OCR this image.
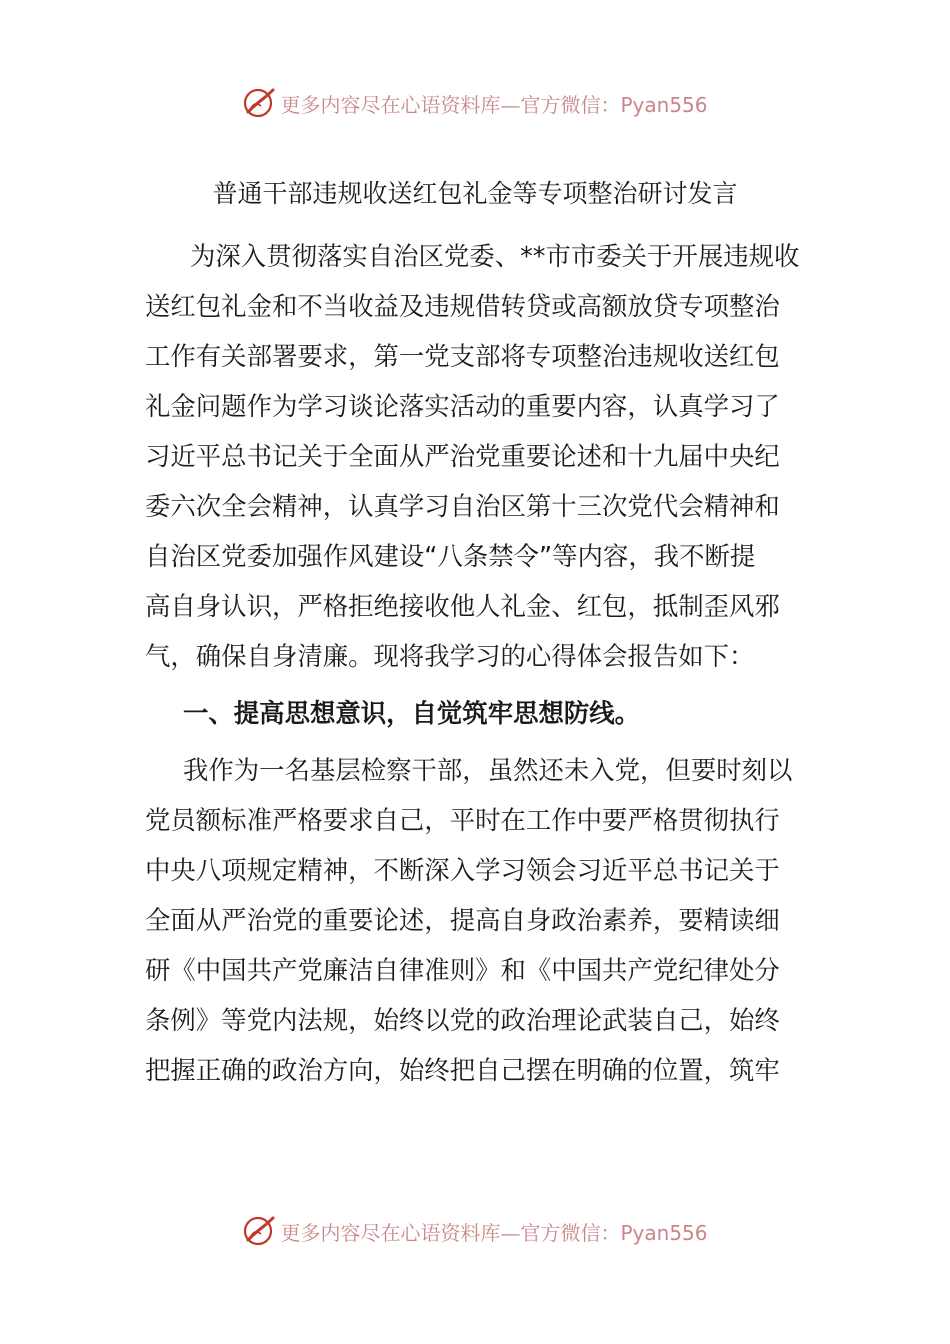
更多内容尽在心语资料库—官方微信：Pyan556
普通干部违规收送红包礼金等专项整治研讨发言
为深入贯彻落实自治区党委、**市市委关于开展违规收
送红包礼金和不当收益及违规借转贷或高额放贷专项整治
工作有关部署要求，第一党支部将专项整治违规收送红包
礼金问题作为学习谈论落实活动的重要内容，认真学习了
习近平总书记关于全面从严治党重要论述和十九届中央纪
委六次全会精神，认真学习自治区第十三次党代会精神和
自治区党委加强作风建设“八条禁令”等内容，我不断提
高自身认识，严格拒绝接收他人礼金、红包，抵制歪风邪
气，确保自身清廉。现将我学习的心得体会报告如下：
一、提高思想意识，自觉筑牢思想防线。
我作为一名基层检察干部，虽然还未入党，但要时刻以
党员额标准严格要求自己，平时在工作中要严格贯彻执行
中央八项规定精神，不断深入学习领会习近平总书记关于
全面从严治党的重要论述，提高自身政治素养，要精读细
研《中国共产党廉洁自律准则》和《中国共产党纪律处分
条例》等党内法规，始终以党的政治理论武装自己，始终
把握正确的政治方向，始终把自己摆在明确的位置，筑牢
更多内容尽在心语资料库—官方微信：Pyan556
